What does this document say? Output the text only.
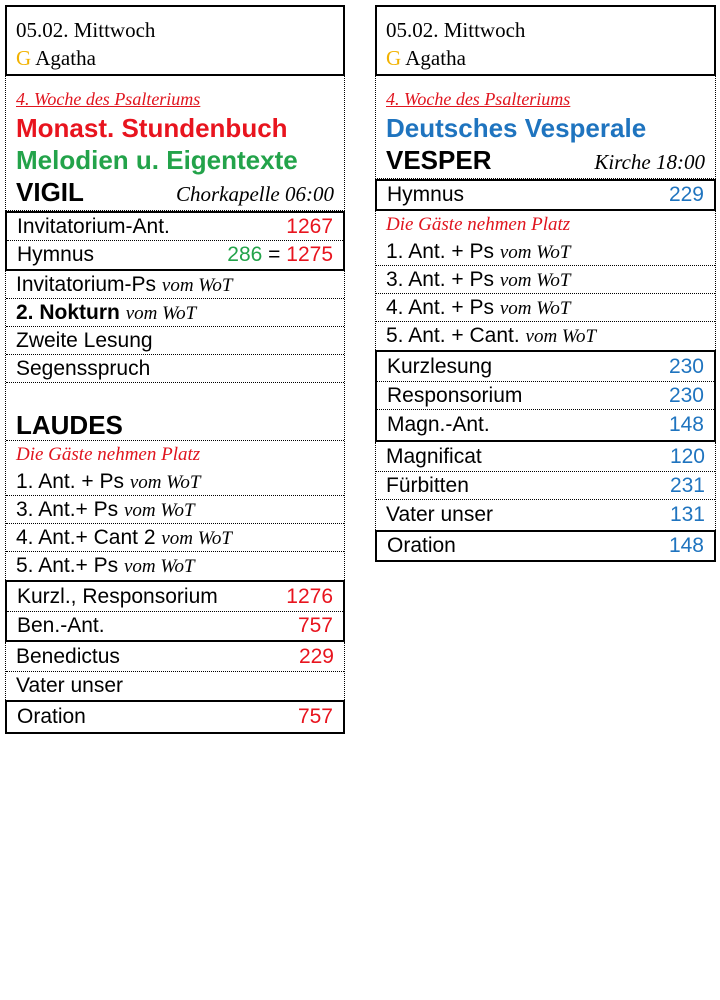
05.02. Mittwoch
G Agatha
4. Woche des Psalteriums
Monast. Stundenbuch
Melodien u. Eigentexte
VIGIL	Chorkapelle 06:00
Invitatorium-Ant.	1267
Hymnus	286 = 1275
Invitatorium-Ps vom WoT
2. Nokturn vom WoT
Zweite Lesung
Segensspruch
LAUDES
Die Gäste nehmen Platz
1. Ant. + Ps vom WoT
3. Ant.+ Ps vom WoT
4. Ant.+ Cant 2 vom WoT
5. Ant.+ Ps vom WoT
Kurzl., Responsorium	1276
Ben.-Ant.	757
Benedictus	229
Vater unser
Oration	757
05.02. Mittwoch
G Agatha
4. Woche des Psalteriums
Deutsches Vesperale
VESPER	Kirche 18:00
Hymnus	229
Die Gäste nehmen Platz
1. Ant. + Ps vom WoT
3. Ant. + Ps vom WoT
4. Ant. + Ps vom WoT
5. Ant. + Cant. vom WoT
Kurzlesung	230
Responsorium	230
Magn.-Ant.	148
Magnificat	120
Fürbitten	231
Vater unser	131
Oration	148
